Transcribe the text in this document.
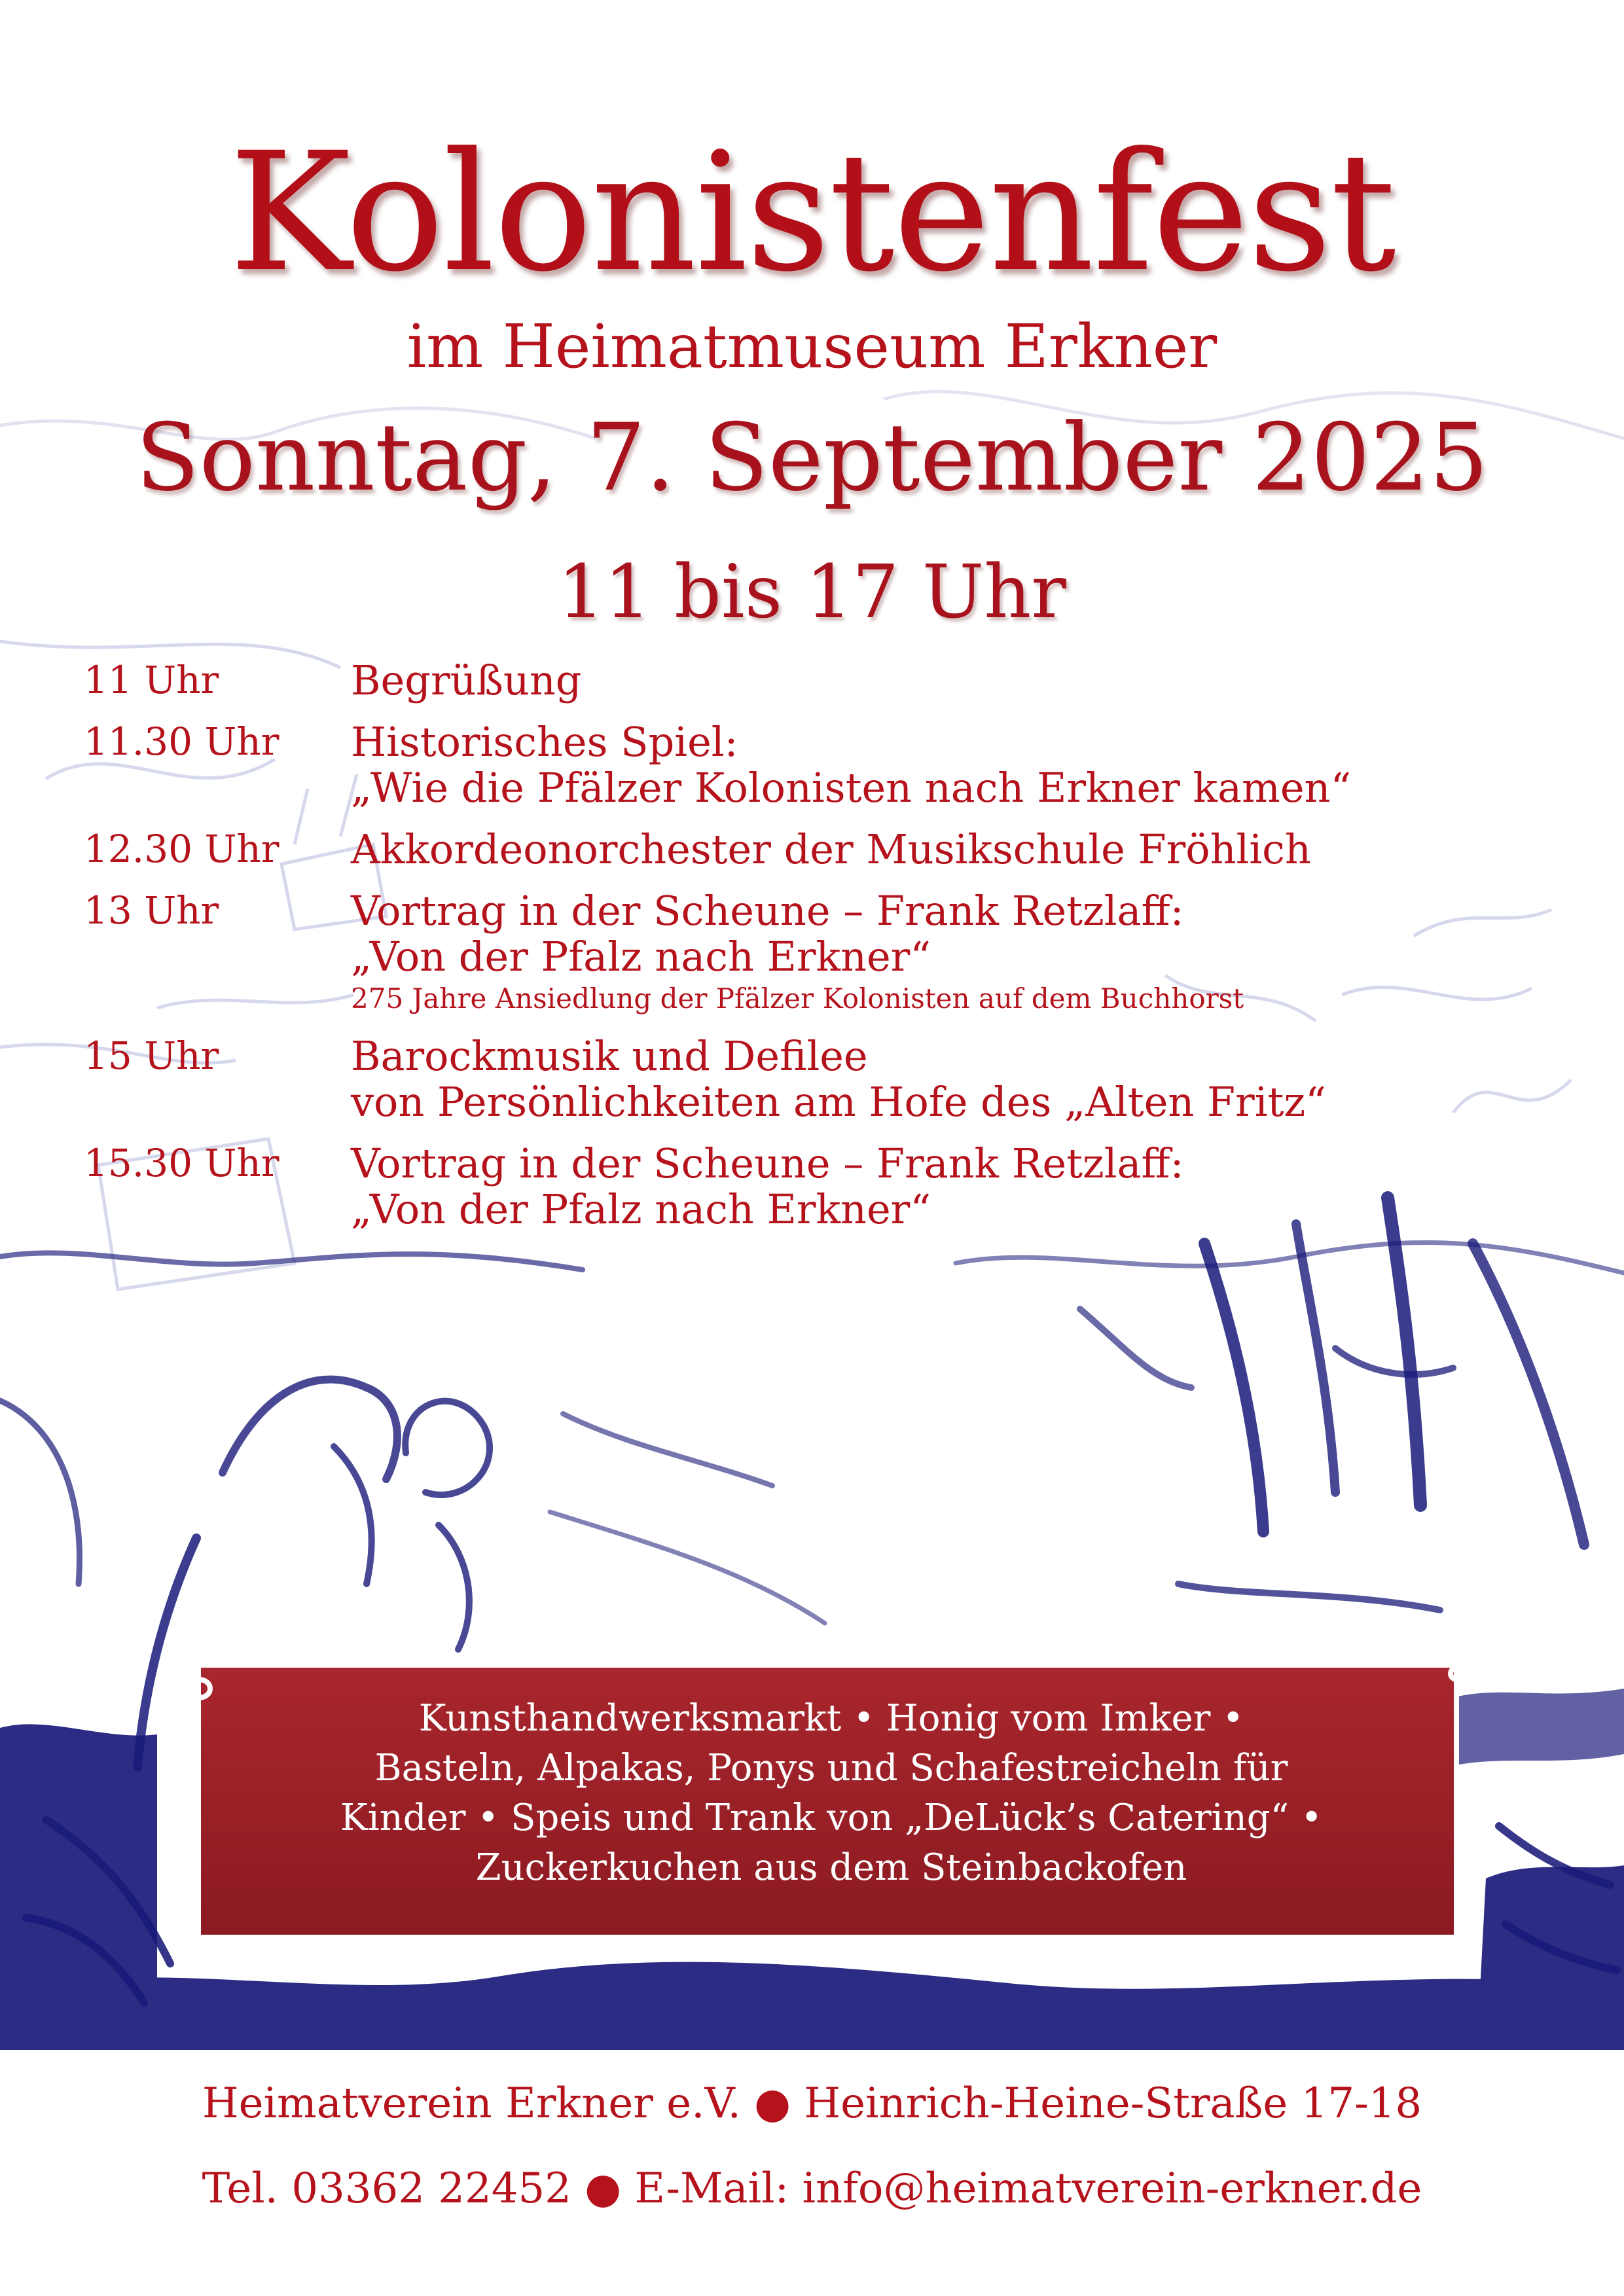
Kolonistenfest
im Heimatmuseum Erkner
Sonntag, 7. September 2025
11 bis 17 Uhr
11 Uhr	Begrüßung
11.30 Uhr	Historisches Spiel:
„Wie die Pfälzer Kolonisten nach Erkner kamen“
12.30 Uhr	Akkordeonorchester der Musikschule Fröhlich
13 Uhr	Vortrag in der Scheune – Frank Retzlaff:
„Von der Pfalz nach Erkner“
275 Jahre Ansiedlung der Pfälzer Kolonisten auf dem Buchhorst
15 Uhr	Barockmusik und Defilee
von Persönlichkeiten am Hofe des „Alten Fritz“
15.30 Uhr	Vortrag in der Scheune – Frank Retzlaff:
„Von der Pfalz nach Erkner“
Kunsthandwerksmarkt • Honig vom Imker •
Basteln, Alpakas, Ponys und Schafestreicheln für
Kinder • Speis und Trank von „DeLück’s Catering“ •
Zuckerkuchen aus dem Steinbackofen
Heimatverein Erkner e.V. ● Heinrich-Heine-Straße 17-18
Tel. 03362 22452 ● E-Mail: info@heimatverein-erkner.de
